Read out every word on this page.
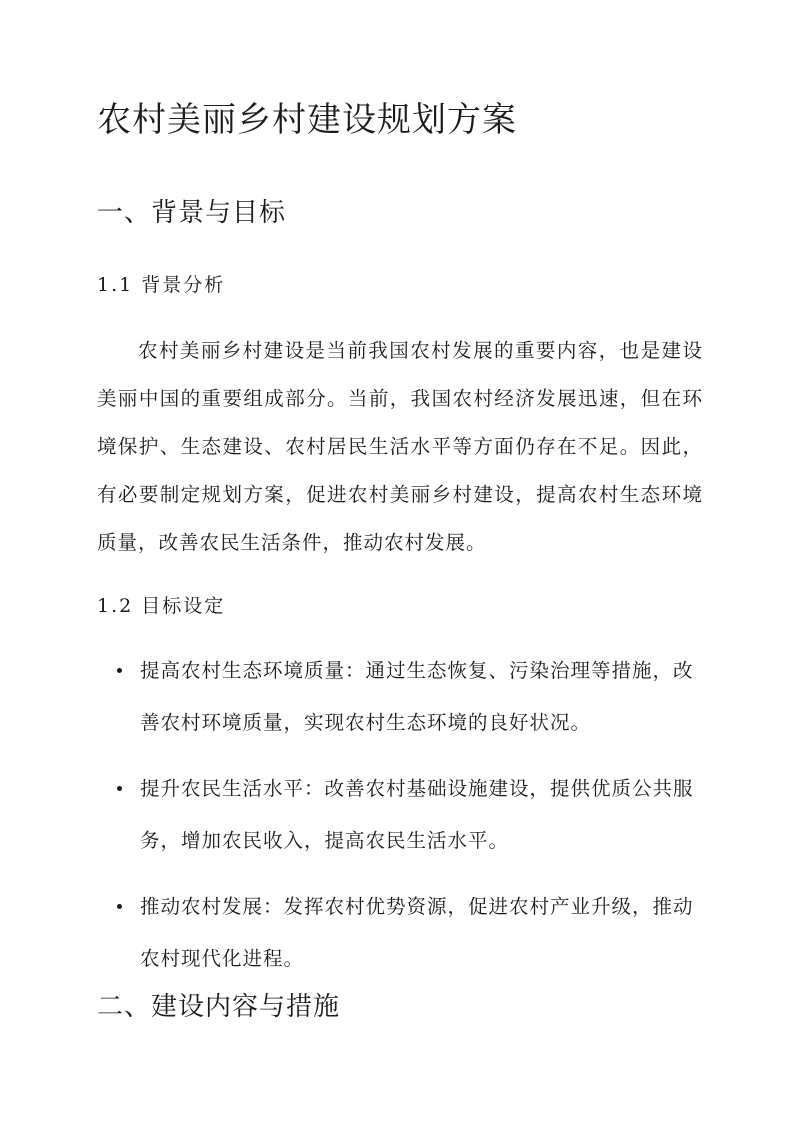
农村美丽乡村建设规划方案
一、背景与目标
1.1 背景分析

农村美丽乡村建设是当前我国农村发展的重要内容，也是建设美丽中国的重要组成部分。当前，我国农村经济发展迅速，但在环境保护、生态建设、农村居民生活水平等方面仍存在不足。因此，有必要制定规划方案，促进农村美丽乡村建设，提高农村生态环境质量，改善农民生活条件，推动农村发展。

1.2 目标设定
提高农村生态环境质量：通过生态恢复、污染治理等措施，改善农村环境质量，实现农村生态环境的良好状况。
提升农民生活水平：改善农村基础设施建设，提供优质公共服务，增加农民收入，提高农民生活水平。
推动农村发展：发挥农村优势资源，促进农村产业升级，推动农村现代化进程。
二、建设内容与措施
